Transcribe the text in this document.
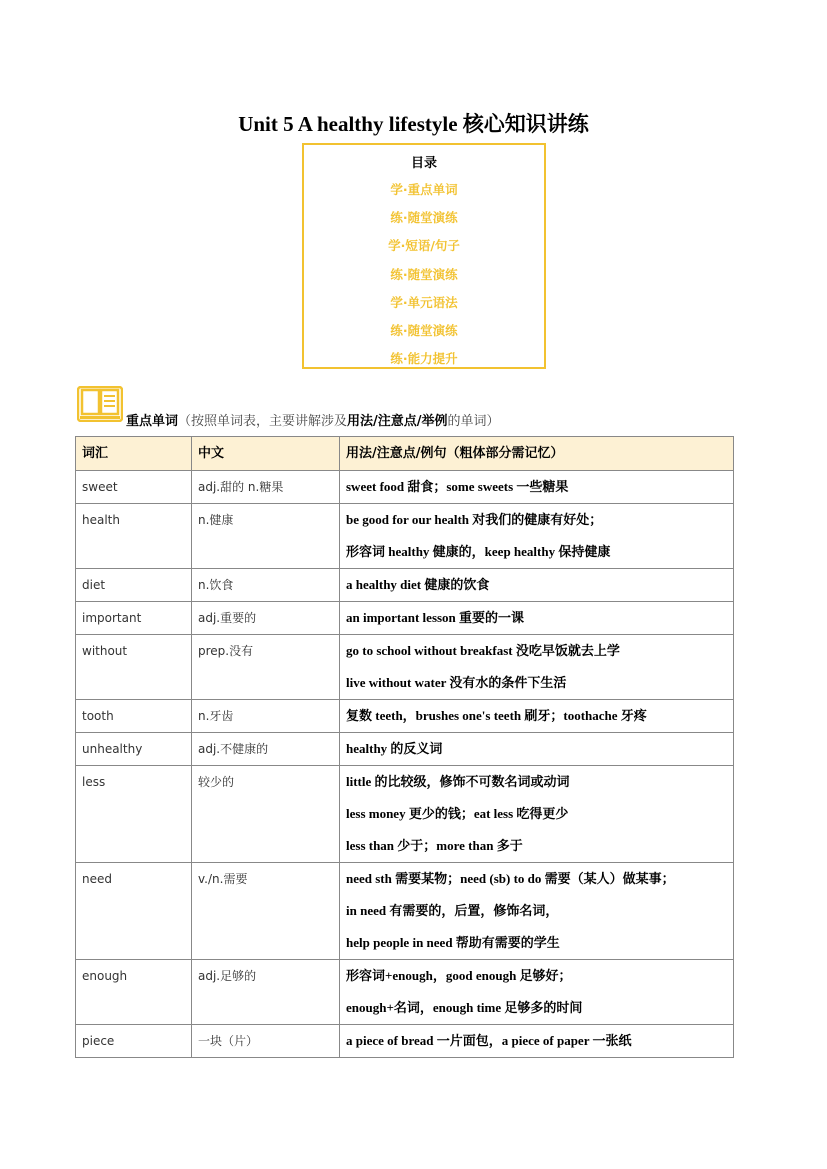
Unit 5 A healthy lifestyle 核心知识讲练
目录
学·重点单词
练·随堂演练
学·短语/句子
练·随堂演练
学·单元语法
练·随堂演练
练·能力提升
重点单词（按照单词表，主要讲解涉及用法/注意点/举例的单词）
词汇	中文	用法/注意点/例句（粗体部分需记忆）
sweet	adj.甜的 n.糖果	sweet food 甜食；some sweets 一些糖果

health	n.健康	be good for our health 对我们的健康有好处；
形容词 healthy 健康的，keep healthy 保持健康

diet	n.饮食	a healthy diet 健康的饮食

important	adj.重要的	an important lesson 重要的一课

without	prep.没有	go to school without breakfast 没吃早饭就去上学
live without water 没有水的条件下生活

tooth	n.牙齿	复数 teeth，brushes one's teeth 刷牙；toothache 牙疼

unhealthy	adj.不健康的	healthy 的反义词

less	较少的	little 的比较级，修饰不可数名词或动词
less money 更少的钱；eat less 吃得更少
less than 少于；more than 多于

need	v./n.需要	need sth 需要某物；need (sb) to do 需要（某人）做某事；
in need 有需要的，后置，修饰名词，
help people in need 帮助有需要的学生

enough	adj.足够的	形容词+enough，good enough 足够好；
enough+名词，enough time 足够多的时间

piece	一块（片）	a piece of bread 一片面包，a piece of paper 一张纸
